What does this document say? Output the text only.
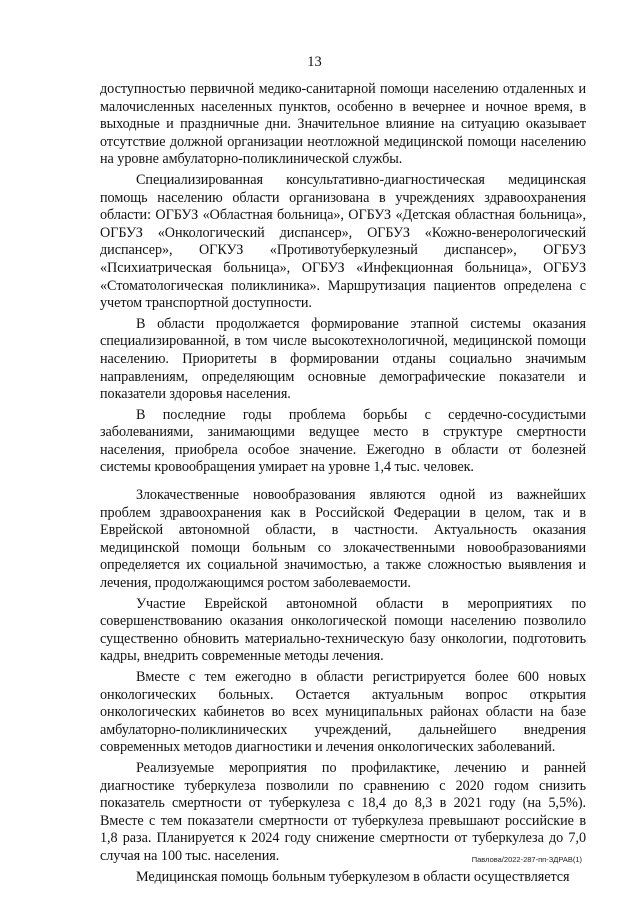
13

доступностью первичной медико-санитарной помощи населению отдаленных и малочисленных населенных пунктов, особенно в вечернее и ночное время, в выходные и праздничные дни. Значительное влияние на ситуацию оказывает отсутствие должной организации неотложной медицинской помощи населению на уровне амбулаторно-поликлинической службы.

Специализированная консультативно-диагностическая медицинская помощь населению области организована в учреждениях здравоохранения области: ОГБУЗ «Областная больница», ОГБУЗ «Детская областная больница», ОГБУЗ «Онкологический диспансер», ОГБУЗ «Кожно-венерологический диспансер», ОГКУЗ «Противотуберкулезный диспансер», ОГБУЗ «Психиатрическая больница», ОГБУЗ «Инфекционная больница», ОГБУЗ «Стоматологическая поликлиника». Маршрутизация пациентов определена с учетом транспортной доступности.

В области продолжается формирование этапной системы оказания специализированной, в том числе высокотехнологичной, медицинской помощи населению. Приоритеты в формировании отданы социально значимым направлениям, определяющим основные демографические показатели и показатели здоровья населения.

В последние годы проблема борьбы с сердечно-сосудистыми заболеваниями, занимающими ведущее место в структуре смертности населения, приобрела особое значение. Ежегодно в области от болезней системы кровообращения умирает на уровне 1,4 тыс. человек.

Злокачественные новообразования являются одной из важнейших проблем здравоохранения как в Российской Федерации в целом, так и в Еврейской автономной области, в частности. Актуальность оказания медицинской помощи больным со злокачественными новообразованиями определяется их социальной значимостью, а также сложностью выявления и лечения, продолжающимся ростом заболеваемости.

Участие Еврейской автономной области в мероприятиях по совершенствованию оказания онкологической помощи населению позволило существенно обновить материально-техническую базу онкологии, подготовить кадры, внедрить современные методы лечения.

Вместе с тем ежегодно в области регистрируется более 600 новых онкологических больных. Остается актуальным вопрос открытия онкологических кабинетов во всех муниципальных районах области на базе амбулаторно-поликлинических учреждений, дальнейшего внедрения современных методов диагностики и лечения онкологических заболеваний.

Реализуемые мероприятия по профилактике, лечению и ранней диагностике туберкулеза позволили по сравнению с 2020 годом снизить показатель смертности от туберкулеза с 18,4 до 8,3 в 2021 году (на 5,5%). Вместе с тем показатели смертности от туберкулеза превышают российские в 1,8 раза. Планируется к 2024 году снижение смертности от туберкулеза до 7,0 случая на 100 тыс. населения.

Медицинская помощь больным туберкулезом в области осуществляется

Павлова/2022-287-пп-ЗДРАВ(1)
